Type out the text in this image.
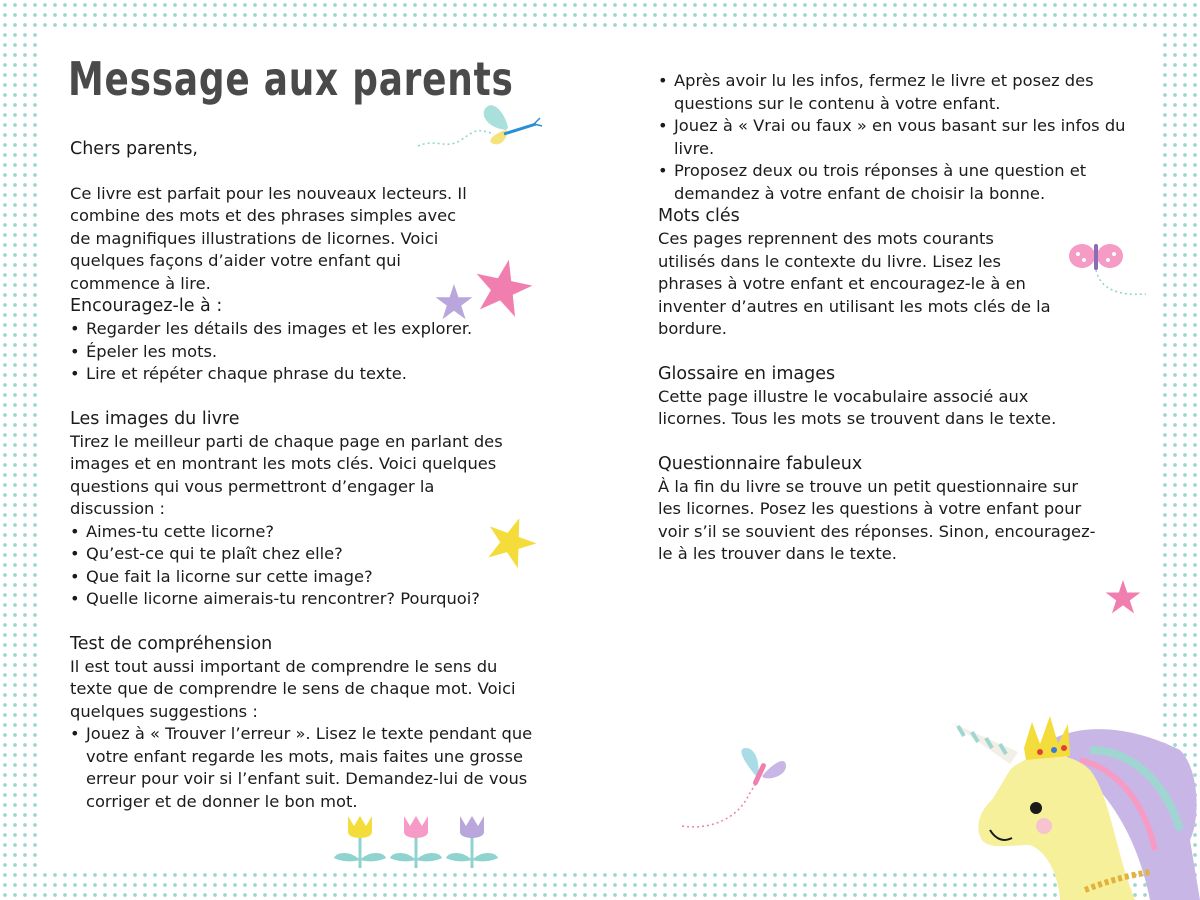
Message aux parents

Chers parents,

Ce livre est parfait pour les nouveaux lecteurs. Il combine des mots et des phrases simples avec de magnifiques illustrations de licornes. Voici quelques façons d’aider votre enfant qui commence à lire.

Encouragez-le à :

• Regarder les détails des images et les explorer.
• Épeler les mots.
• Lire et répéter chaque phrase du texte.

Les images du livre

Tirez le meilleur parti de chaque page en parlant des images et en montrant les mots clés. Voici quelques questions qui vous permettront d’engager la discussion :

• Aimes-tu cette licorne?
• Qu’est-ce qui te plaît chez elle?
• Que fait la licorne sur cette image?
• Quelle licorne aimerais-tu rencontrer? Pourquoi?

Test de compréhension

Il est tout aussi important de comprendre le sens du texte que de comprendre le sens de chaque mot. Voici quelques suggestions :

• Jouez à « Trouver l’erreur ». Lisez le texte pendant que votre enfant regarde les mots, mais faites une grosse erreur pour voir si l’enfant suit. Demandez-lui de vous corriger et de donner le bon mot.
• Après avoir lu les infos, fermez le livre et posez des questions sur le contenu à votre enfant.
• Jouez à « Vrai ou faux » en vous basant sur les infos du livre.
• Proposez deux ou trois réponses à une question et demandez à votre enfant de choisir la bonne.

Mots clés

Ces pages reprennent des mots courants utilisés dans le contexte du livre. Lisez les phrases à votre enfant et encouragez-le à en inventer d’autres en utilisant les mots clés de la bordure.

Glossaire en images

Cette page illustre le vocabulaire associé aux licornes. Tous les mots se trouvent dans le texte.

Questionnaire fabuleux

À la fin du livre se trouve un petit questionnaire sur les licornes. Posez les questions à votre enfant pour voir s’il se souvient des réponses. Sinon, encouragez-le à les trouver dans le texte.
